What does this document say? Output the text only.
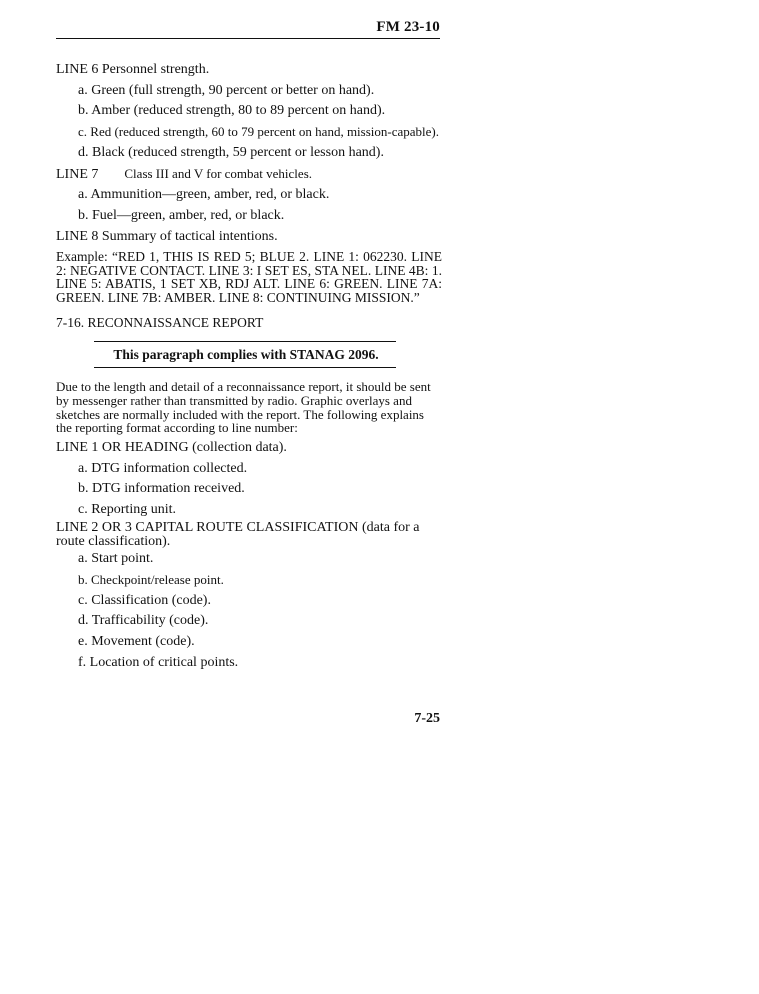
FM 23-10
LINE 6 Personnel strength.
a. Green (full strength, 90 percent or better on hand).
b. Amber (reduced strength, 80 to 89 percent on hand).
c. Red (reduced strength, 60 to 79 percent on hand, mission-capable).
d. Black (reduced strength, 59 percent or lesson hand).
LINE 7 Class III and V for combat vehicles.
a. Ammunition—green, amber, red, or black.
b. Fuel—green, amber, red, or black.
LINE 8 Summary of tactical intentions.
Example: “RED 1, THIS IS RED 5; BLUE 2. LINE 1: 062230. LINE 2: NEGATIVE CONTACT. LINE 3: I SET ES, STA NEL. LINE 4B: 1. LINE 5: ABATIS, 1 SET XB, RDJ ALT. LINE 6: GREEN. LINE 7A: GREEN. LINE 7B: AMBER. LINE 8: CONTINUING MISSION.”
7-16. RECONNAISSANCE REPORT
This paragraph complies with STANAG 2096.
Due to the length and detail of a reconnaissance report, it should be sent by messenger rather than transmitted by radio. Graphic overlays and sketches are normally included with the report. The following explains the reporting format according to line number:
LINE 1 OR HEADING (collection data).
a. DTG information collected.
b. DTG information received.
c. Reporting unit.
LINE 2 OR 3 CAPITAL ROUTE CLASSIFICATION (data for a route classification).
a. Start point.
b. Checkpoint/release point.
c. Classification (code).
d. Trafficability (code).
e. Movement (code).
f. Location of critical points.
7-25
